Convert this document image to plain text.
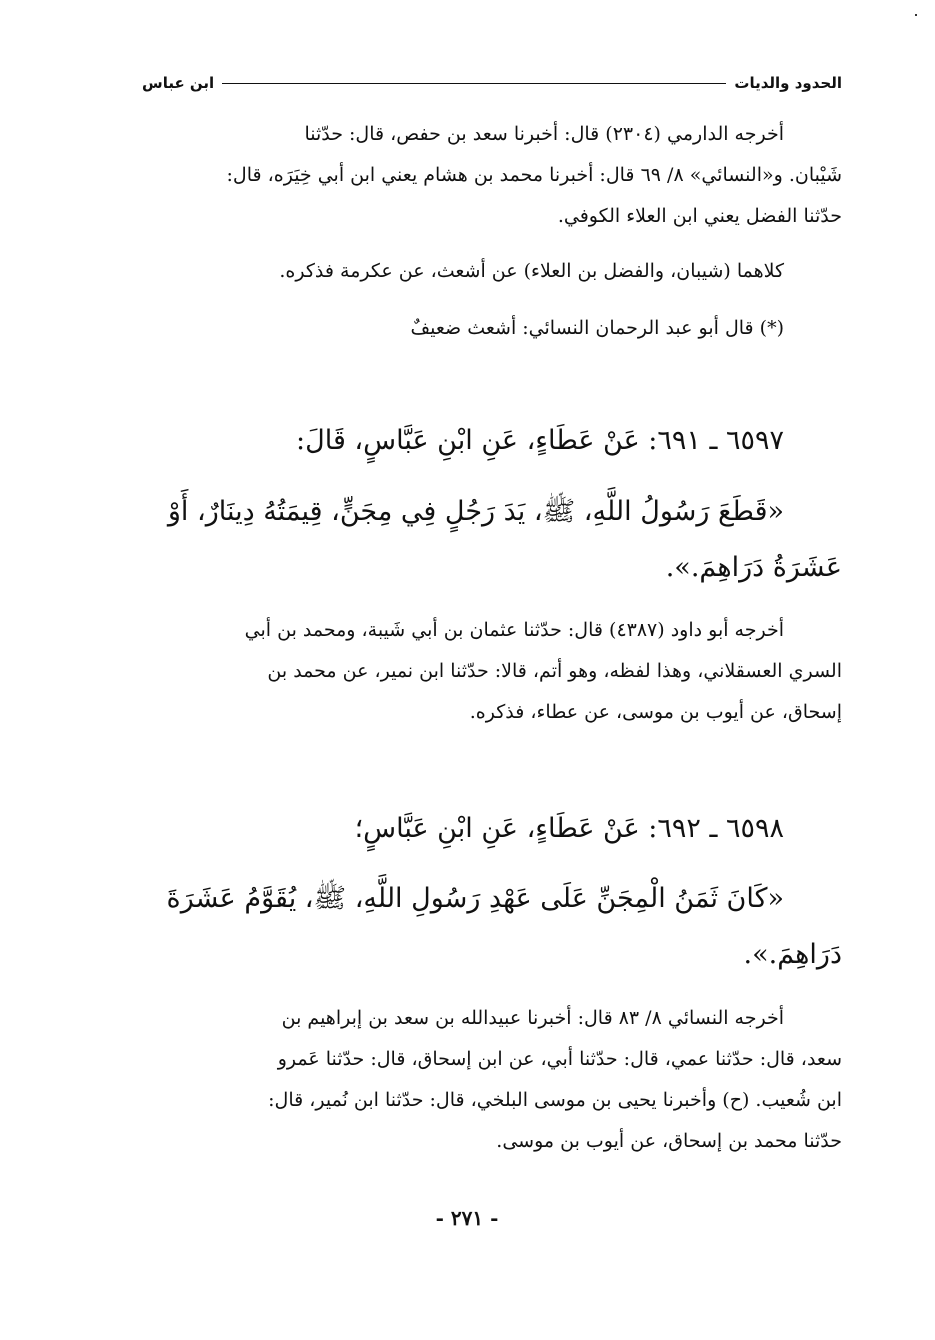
الحدود والديات
ابن عباس
أخرجه الدارمي (٢٣٠٤) قال: أخبرنا سعد بن حفص، قال: حدّثنا
شَيْبان. و«النسائي» ٨/ ٦٩ قال: أخبرنا محمد بن هشام يعني ابن أبي خِيَرَه، قال:
حدّثنا الفضل يعني ابن العلاء الكوفي.
كلاهما (شيبان، والفضل بن العلاء) عن أشعث، عن عكرمة فذكره.
(*) قال أبو عبد الرحمان النسائي: أشعث ضعيفٌ
٦٥٩٧ ـ ٦٩١: عَنْ عَطَاءٍ، عَنِ ابْنِ عَبَّاسٍ، قَالَ:
«قَطَعَ رَسُولُ اللَّهِ، ﷺ، يَدَ رَجُلٍ فِي مِجَنٍّ، قِيمَتُهُ دِينَارٌ، أَوْ
عَشَرَةُ دَرَاهِمَ.».
أخرجه أبو داود (٤٣٨٧) قال: حدّثنا عثمان بن أبي شَيبة، ومحمد بن أبي
السري العسقلاني، وهذا لفظه، وهو أتم، قالا: حدّثنا ابن نمير، عن محمد بن
إسحاق، عن أيوب بن موسى، عن عطاء، فذكره.
٦٥٩٨ ـ ٦٩٢: عَنْ عَطَاءٍ، عَنِ ابْنِ عَبَّاسٍ؛
«كَانَ ثَمَنُ الْمِجَنِّ عَلَى عَهْدِ رَسُولِ اللَّهِ، ﷺ، يُقَوَّمُ عَشَرَةَ
دَرَاهِمَ.».
أخرجه النسائي ٨/ ٨٣ قال: أخبرنا عبيدالله بن سعد بن إبراهيم بن
سعد، قال: حدّثنا عمي، قال: حدّثنا أبي، عن ابن إسحاق، قال: حدّثنا عَمرو
ابن شُعيب. (ح) وأخبرنا يحيى بن موسى البلخي، قال: حدّثنا ابن نُمير، قال:
حدّثنا محمد بن إسحاق، عن أيوب بن موسى.
- ٢٧١ -
